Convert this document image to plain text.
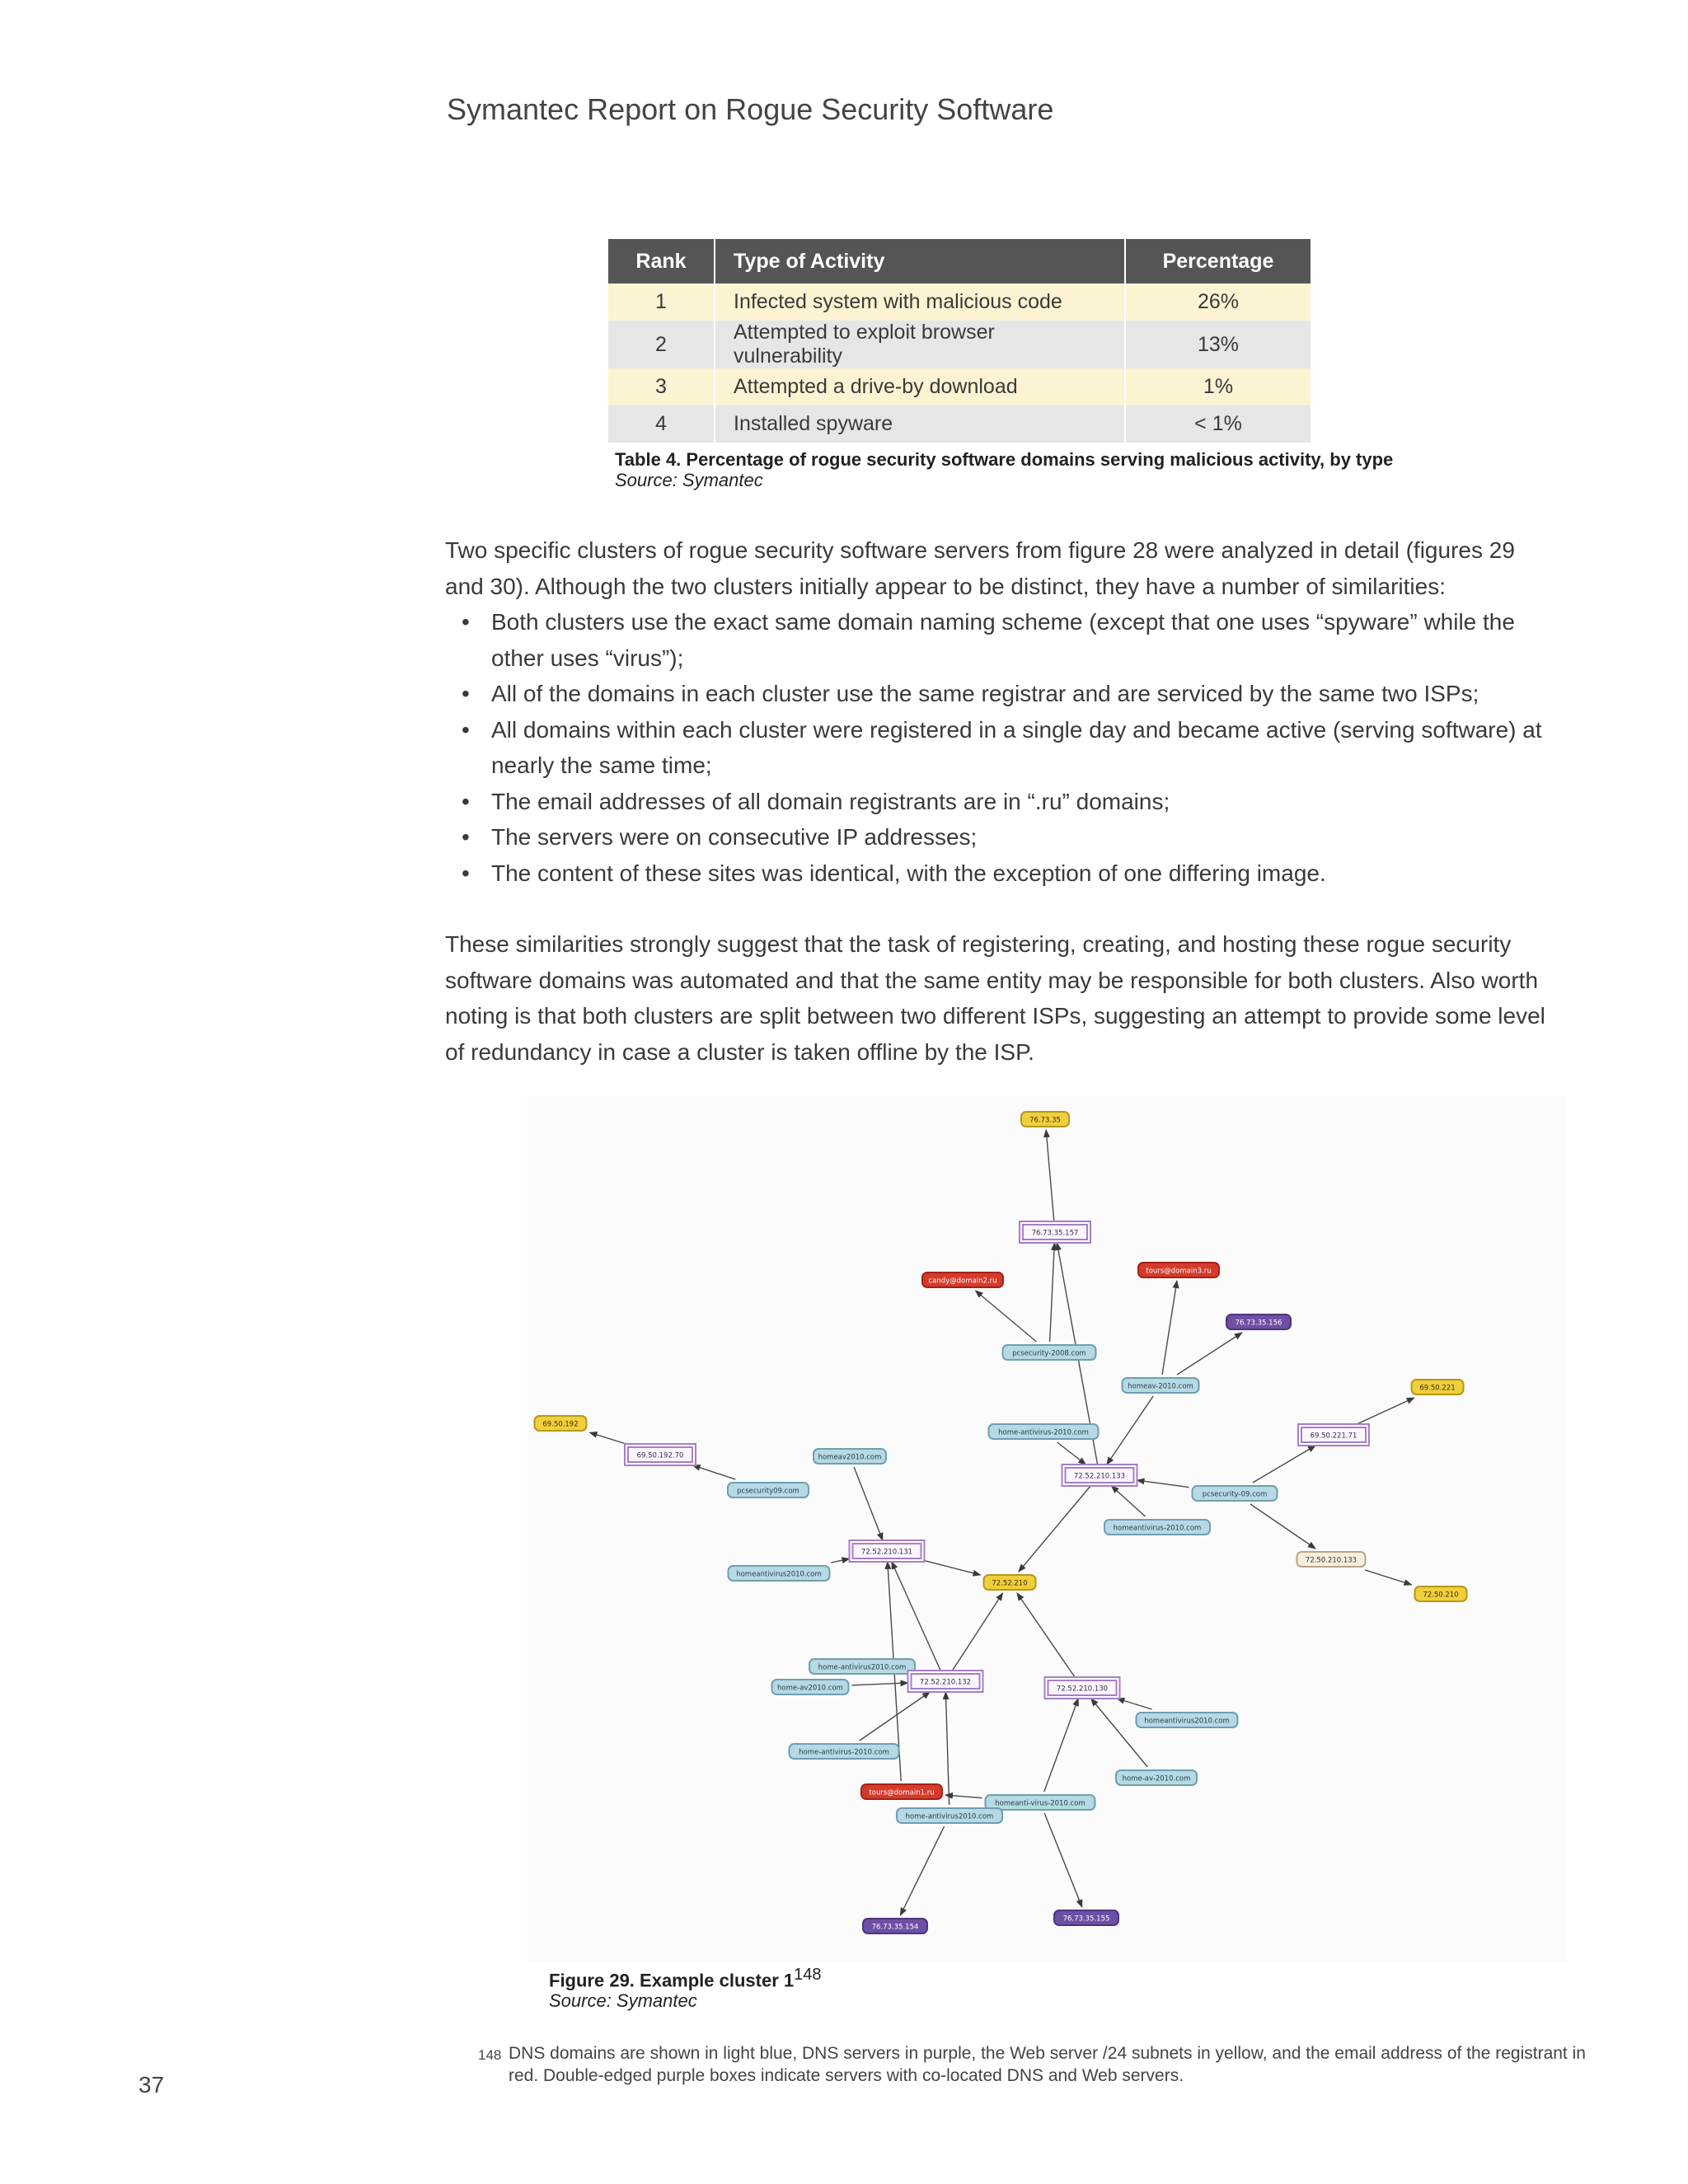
Symantec Report on Rogue Security Software
Rank	Type of Activity	Percentage
1	Infected system with malicious code	26%
2	Attempted to exploit browser vulnerability	13%
3	Attempted a drive-by download	1%
4	Installed spyware	< 1%
Table 4. Percentage of rogue security software domains serving malicious activity, by type
Source: Symantec

Two specific clusters of rogue security software servers from figure 28 were analyzed in detail (figures 29 and 30). Although the two clusters initially appear to be distinct, they have a number of similarities:

• Both clusters use the exact same domain naming scheme (except that one uses “spyware” while the other uses “virus”);
• All of the domains in each cluster use the same registrar and are serviced by the same two ISPs;
• All domains within each cluster were registered in a single day and became active (serving software) at nearly the same time;
• The email addresses of all domain registrants are in “.ru” domains;
• The servers were on consecutive IP addresses;
• The content of these sites was identical, with the exception of one differing image.

These similarities strongly suggest that the task of registering, creating, and hosting these rogue security software domains was automated and that the same entity may be responsible for both clusters. Also worth noting is that both clusters are split between two different ISPs, suggesting an attempt to provide some level of redundancy in case a cluster is taken offline by the ISP.

76.73.35
76.73.35.157
candy@domain2.ru
tours@domain3.ru
76.73.35.156
pcsecurity-2008.com
homeav-2010.com	69.50.221
69.50.192
home-antivirus-2010.com	69.50.221.71
69.50.192.70	homeav2010.com
72.52.210.133
pcsecurity09.com	pcsecurity-09.com
homeantivirus-2010.com
72.52.210.131
72.50.210.133
homeantivirus2010.com
72.52.210
72.50.210
home-antivirus2010.com
home-av2010.com
72.52.210.132
72.52.210.130
homeantivirus2010.com
home-antivirus-2010.com
home-av-2010.com
tours@domain1.ru
homeanti-virus-2010.com
home-antivirus2010.com
76.73.35.154
76.73.35.155
Figure 29. Example cluster $1^{148}$
Source: Symantec
148 DNS domains are shown in light blue, DNS servers in purple, the Web server /24 subnets in yellow, and the email address of the registrant in red. Double-edged purple boxes indicate servers with co-located DNS and Web servers.
37
